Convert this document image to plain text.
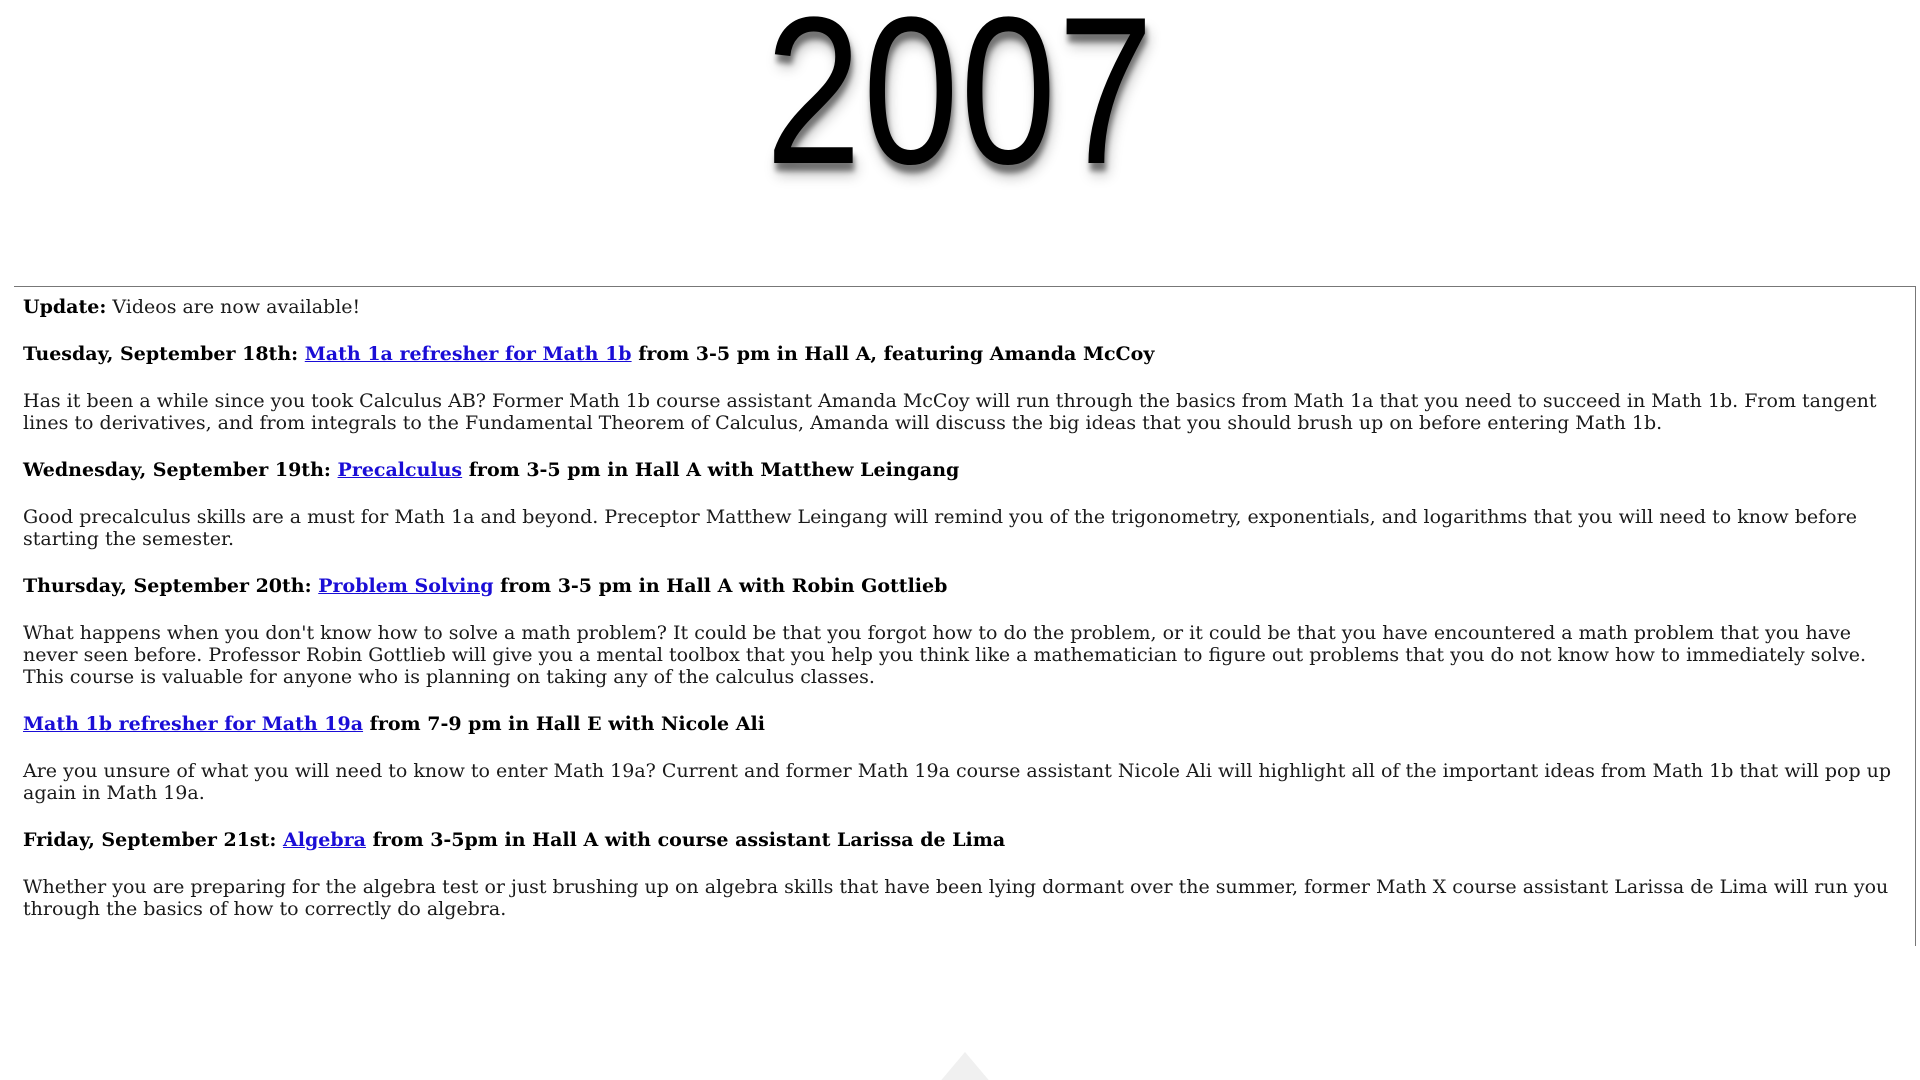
2007

Update: Videos are now available!

Tuesday, September 18th: Math 1a refresher for Math 1b from 3-5 pm in Hall A, featuring Amanda McCoy

Has it been a while since you took Calculus AB? Former Math 1b course assistant Amanda McCoy will run through the basics from Math 1a that you need to succeed in Math 1b. From tangent lines to derivatives, and from integrals to the Fundamental Theorem of Calculus, Amanda will discuss the big ideas that you should brush up on before entering Math 1b.

Wednesday, September 19th: Precalculus from 3-5 pm in Hall A with Matthew Leingang

Good precalculus skills are a must for Math 1a and beyond. Preceptor Matthew Leingang will remind you of the trigonometry, exponentials, and logarithms that you will need to know before starting the semester.

Thursday, September 20th: Problem Solving from 3-5 pm in Hall A with Robin Gottlieb

What happens when you don't know how to solve a math problem? It could be that you forgot how to do the problem, or it could be that you have encountered a math problem that you have never seen before. Professor Robin Gottlieb will give you a mental toolbox that you help you think like a mathematician to figure out problems that you do not know how to immediately solve. This course is valuable for anyone who is planning on taking any of the calculus classes.

Math 1b refresher for Math 19a from 7-9 pm in Hall E with Nicole Ali

Are you unsure of what you will need to know to enter Math 19a? Current and former Math 19a course assistant Nicole Ali will highlight all of the important ideas from Math 1b that will pop up again in Math 19a.

Friday, September 21st: Algebra from 3-5pm in Hall A with course assistant Larissa de Lima

Whether you are preparing for the algebra test or just brushing up on algebra skills that have been lying dormant over the summer, former Math X course assistant Larissa de Lima will run you through the basics of how to correctly do algebra.
